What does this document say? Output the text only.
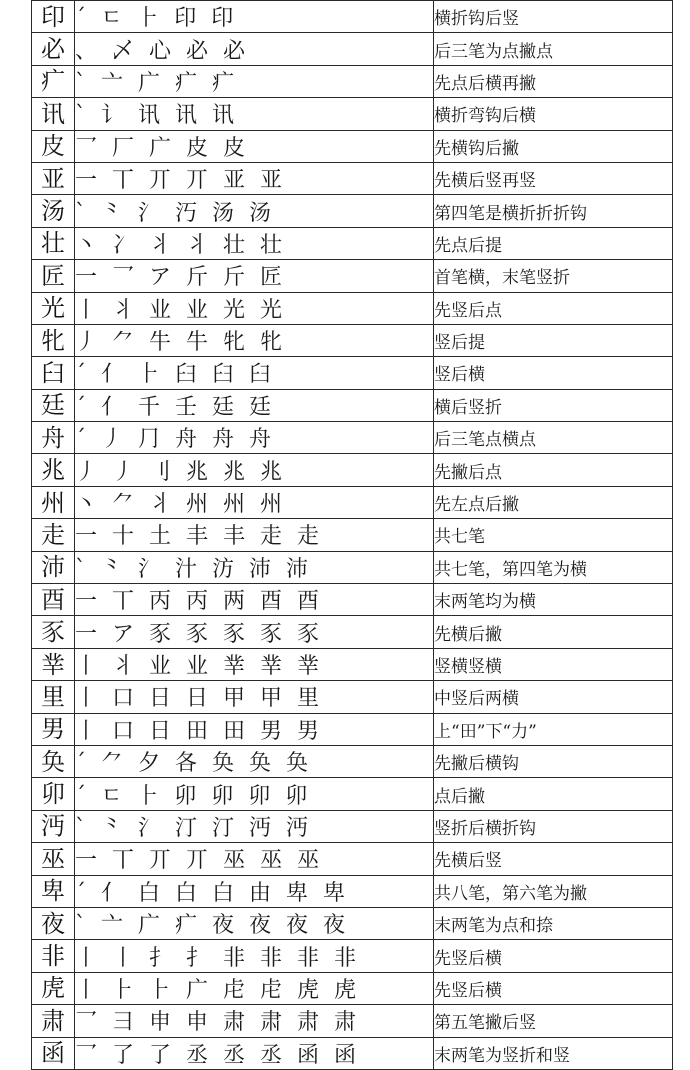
印	ˊ ㄷ ⺊ 印 印	横折钩后竖
必	、 乄 心 必 必	后三笔为点撇点
疒	ˋ 亠 广 疒 疒	先点后横再撇
讯	ˋ 讠 讯 讯 讯	横折弯钩后横
皮	乛 厂 广 皮 皮	先横钩后撇
亚	一 丅 丌 丌 亚 亚	先横后竖再竖
汤	ˋ ⺀ 氵 汅 汤 汤	第四笔是横折折折钩
壮	丶 冫 丬 丬 壮 壮	先点后提
匠	一 乛 ア 斤 斤 匠	首笔横，末笔竖折
光	丨 丬 业 业 光 光	先竖后点
牝	丿 ⺈ 牛 牛 牝 牝	竖后提
臼	ˊ 亻 ⺊ 臼 臼 臼	竖后横
廷	ˊ 亻 千 壬 廷 廷	横后竖折
舟	ˊ 丿 ⺆ 舟 舟 舟	后三笔点横点
兆	丿 丿 ⺉ 兆 兆 兆	先撇后点
州	丶 ⺈ 丬 州 州 州	先左点后撇
走	一 十 土 丰 丰 走 走	共七笔
沛	ˋ ⺀ 氵 汁 汸 沛 沛	共七笔，第四笔为横
酉	一 丅 丙 丙 两 酉 酉	末两笔均为横
豕	一 ア 豕 豕 豕 豕 豕	先横后撇
丵	丨 丬 业 业 丵 丵 丵	竖横竖横
里	丨 口 日 日 甲 甲 里	中竖后两横
男	丨 口 日 田 田 男 男	上“田”下“力”
奂	ˊ ⺈ 夕 各 奂 奂 奂	先撇后横钩
卯	ˊ ㄷ ⺊ 卯 卯 卯 卯	点后撇
沔	ˋ ⺀ 氵 汀 汀 沔 沔	竖折后横折钩
巫	一 丅 丌 丌 巫 巫 巫	先横后竖
卑	ˊ 亻 白 白 白 由 卑 卑	共八笔，第六笔为撇
夜	ˋ 亠 广 疒 夜 夜 夜 夜	末两笔为点和捺
非	丨 丨 扌 扌 非 非 非 非	先竖后横
虎	丨 ⺊ ⺊ 广 虍 虍 虎 虎	先竖后横
肃	乛 ⺕ 申 申 肃 肃 肃 肃	第五笔撇后竖
函	乛 了 了 丞 丞 丞 函 函	末两笔为竖折和竖
